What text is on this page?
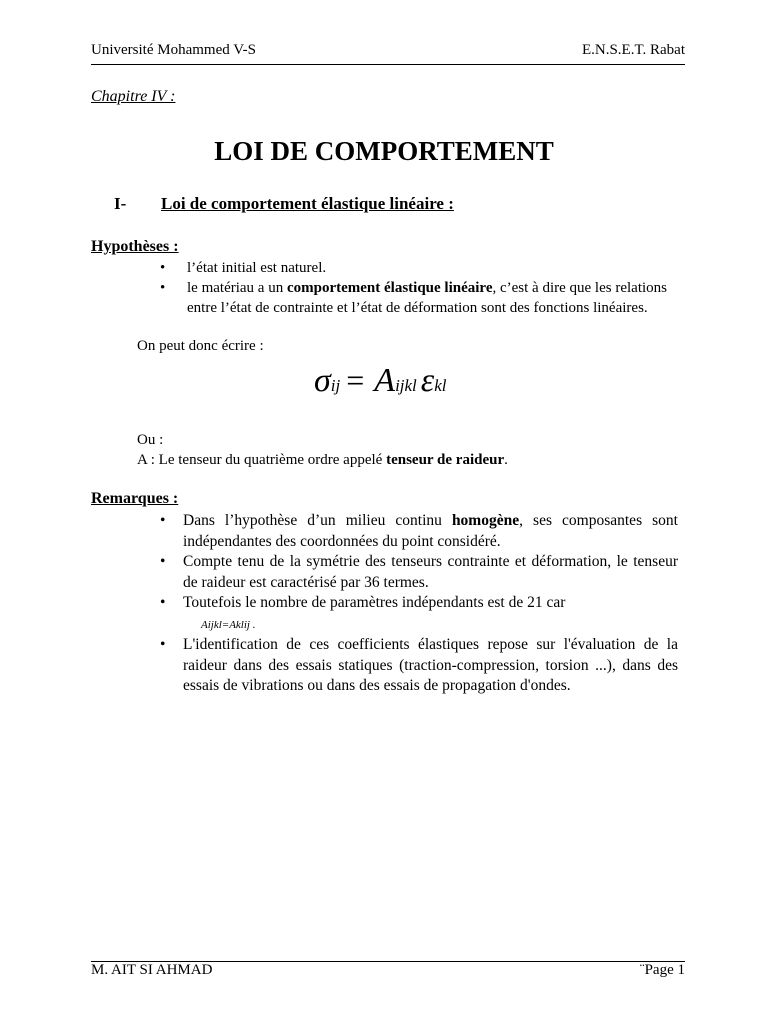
Université Mohammed V-S	E.N.S.E.T. Rabat
Chapitre IV :
LOI DE COMPORTEMENT
I- Loi de comportement élastique linéaire :
Hypothèses :
• l’état initial est naturel.
• le matériau a un comportement élastique linéaire, c’est à dire que les relations entre l’état de contrainte et l’état de déformation sont des fonctions linéaires.
On peut donc écrire :
σij = Aijkl εkl
Ou :
A : Le tenseur du quatrième ordre appelé tenseur de raideur.
Remarques :
• Dans l’hypothèse d’un milieu continu homogène, ses composantes sont indépendantes des coordonnées du point considéré.
• Compte tenu de la symétrie des tenseurs contrainte et déformation, le tenseur de raideur est caractérisé par 36 termes.
• Toutefois le nombre de paramètres indépendants est de 21 car
Aijkl=Aklij .
• L'identification de ces coefficients élastiques repose sur l'évaluation de la raideur dans des essais statiques (traction-compression, torsion ...), dans des essais de vibrations ou dans des essais de propagation d'ondes.
M. AIT SI AHMAD	¨Page 1
